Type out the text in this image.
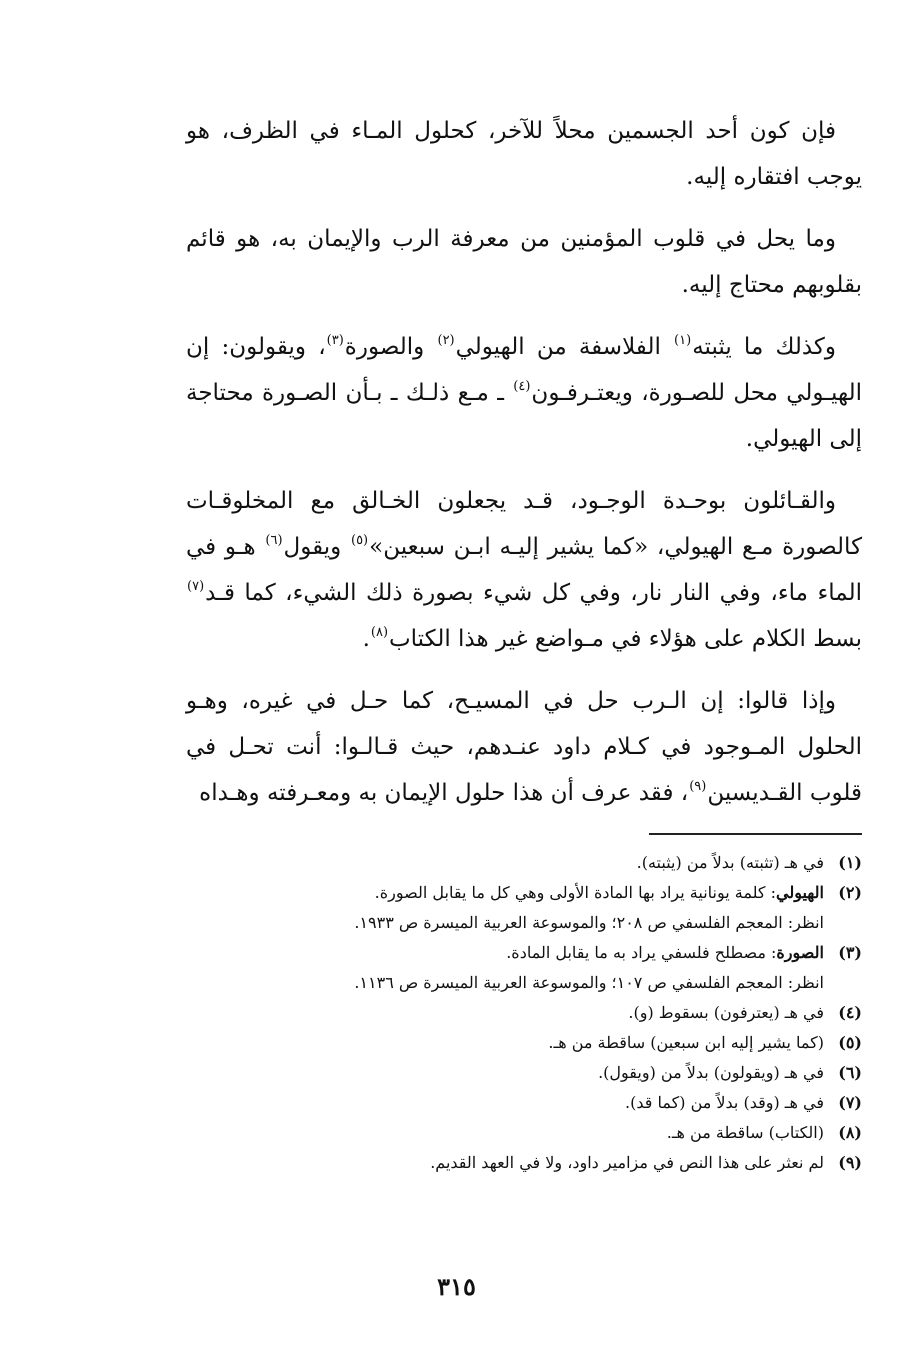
فإن كون أحد الجسمين محلاً للآخر، كحلول المـاء في الظرف، هو يوجب افتقاره إليه.

وما يحل في قلوب المؤمنين من معرفة الرب والإيمان به، هو قائم بقلوبهم محتاج إليه.

وكذلك ما يثبته$^{(١)}$ الفلاسفة من الهيولي$^{(٢)}$ والصورة$^{(٣)}$، ويقولون: إن الهيـولي محل للصـورة، ويعتـرفـون$^{(٤)}$ ـ مـع ذلـك ـ بـأن الصـورة محتاجة إلى الهيولي.

والقـائلون بوحـدة الوجـود، قـد يجعلون الخـالق مع المخلوقـات كالصورة مـع الهيولي، «كما يشير إليـه ابـن سبعين»$^{(٥)}$ ويقول$^{(٦)}$ هـو في الماء ماء، وفي النار نار، وفي كل شيء بصورة ذلك الشيء، كما قـد$^{(٧)}$ بسط الكلام على هؤلاء في مـواضع غير هذا الكتاب$^{(٨)}$.

وإذا قالوا: إن الـرب حل في المسيـح، كما حـل في غيره، وهـو الحلول المـوجود في كـلام داود عنـدهم، حيث قـالـوا: أنت تحـل في قلوب القـديسين$^{(٩)}$، فقد عرف أن هذا حلول الإيمان به ومعـرفته وهـداه

(١)
في هـ (تثبته) بدلاً من (يثبته).
(٢)
الهيولي: كلمة يونانية يراد بها المادة الأولى وهي كل ما يقابل الصورة.
انظر: المعجم الفلسفي ص ٢٠٨؛ والموسوعة العربية الميسرة ص ١٩٣٣.
(٣)
الصورة: مصطلح فلسفي يراد به ما يقابل المادة.
انظر: المعجم الفلسفي ص ١٠٧؛ والموسوعة العربية الميسرة ص ١١٣٦.
(٤)
في هـ (يعترفون) بسقوط (و).
(٥)
(كما يشير إليه ابن سبعين) ساقطة من هـ.
(٦)
في هـ (ويقولون) بدلاً من (ويقول).
(٧)
في هـ (وقد) بدلاً من (كما قد).
(٨)
(الكتاب) ساقطة من هـ.
(٩)
لم نعثر على هذا النص في مزامير داود، ولا في العهد القديم.
٣١٥
